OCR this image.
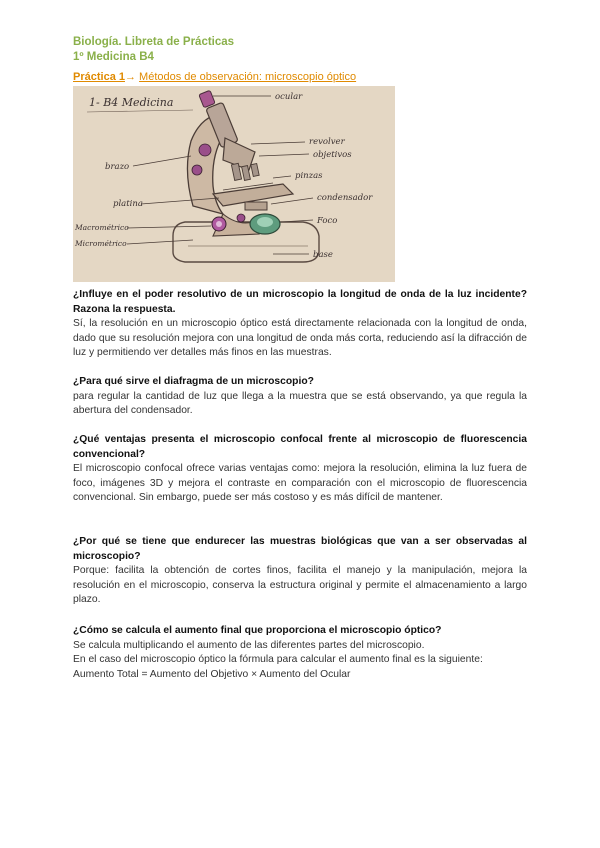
Biología. Libreta de Prácticas
1º Medicina B4
Práctica 1→ Métodos de observación: microscopio óptico
1- B4 Medicina	ocular
revolver
objetivos
pinzas
condensador
Foco
base
brazo
platina
Macrométrico
Micrométrico
¿Influye en el poder resolutivo de un microscopio la longitud de onda de la luz incidente? Razona la respuesta.

Sí, la resolución en un microscopio óptico está directamente relacionada con la longitud de onda, dado que su resolución mejora con una longitud de onda más corta, reduciendo así la difracción de luz y permitiendo ver detalles más finos en las muestras.

¿Para qué sirve el diafragma de un microscopio?

para regular la cantidad de luz que llega a la muestra que se está observando, ya que regula la abertura del condensador.

¿Qué ventajas presenta el microscopio confocal frente al microscopio de fluorescencia convencional?

El microscopio confocal ofrece varias ventajas como: mejora la resolución, elimina la luz fuera de foco, imágenes 3D y mejora el contraste en comparación con el microscopio de fluorescencia convencional. Sin embargo, puede ser más costoso y es más difícil de mantener.

¿Por qué se tiene que endurecer las muestras biológicas que van a ser observadas al microscopio?

Porque: facilita la obtención de cortes finos, facilita el manejo y la manipulación, mejora la resolución en el microscopio, conserva la estructura original y permite el almacenamiento a largo plazo.

¿Cómo se calcula el aumento final que proporciona el microscopio óptico?

Se calcula multiplicando el aumento de las diferentes partes del microscopio.

En el caso del microscopio óptico la fórmula para calcular el aumento final es la siguiente:

Aumento Total = Aumento del Objetivo × Aumento del Ocular
